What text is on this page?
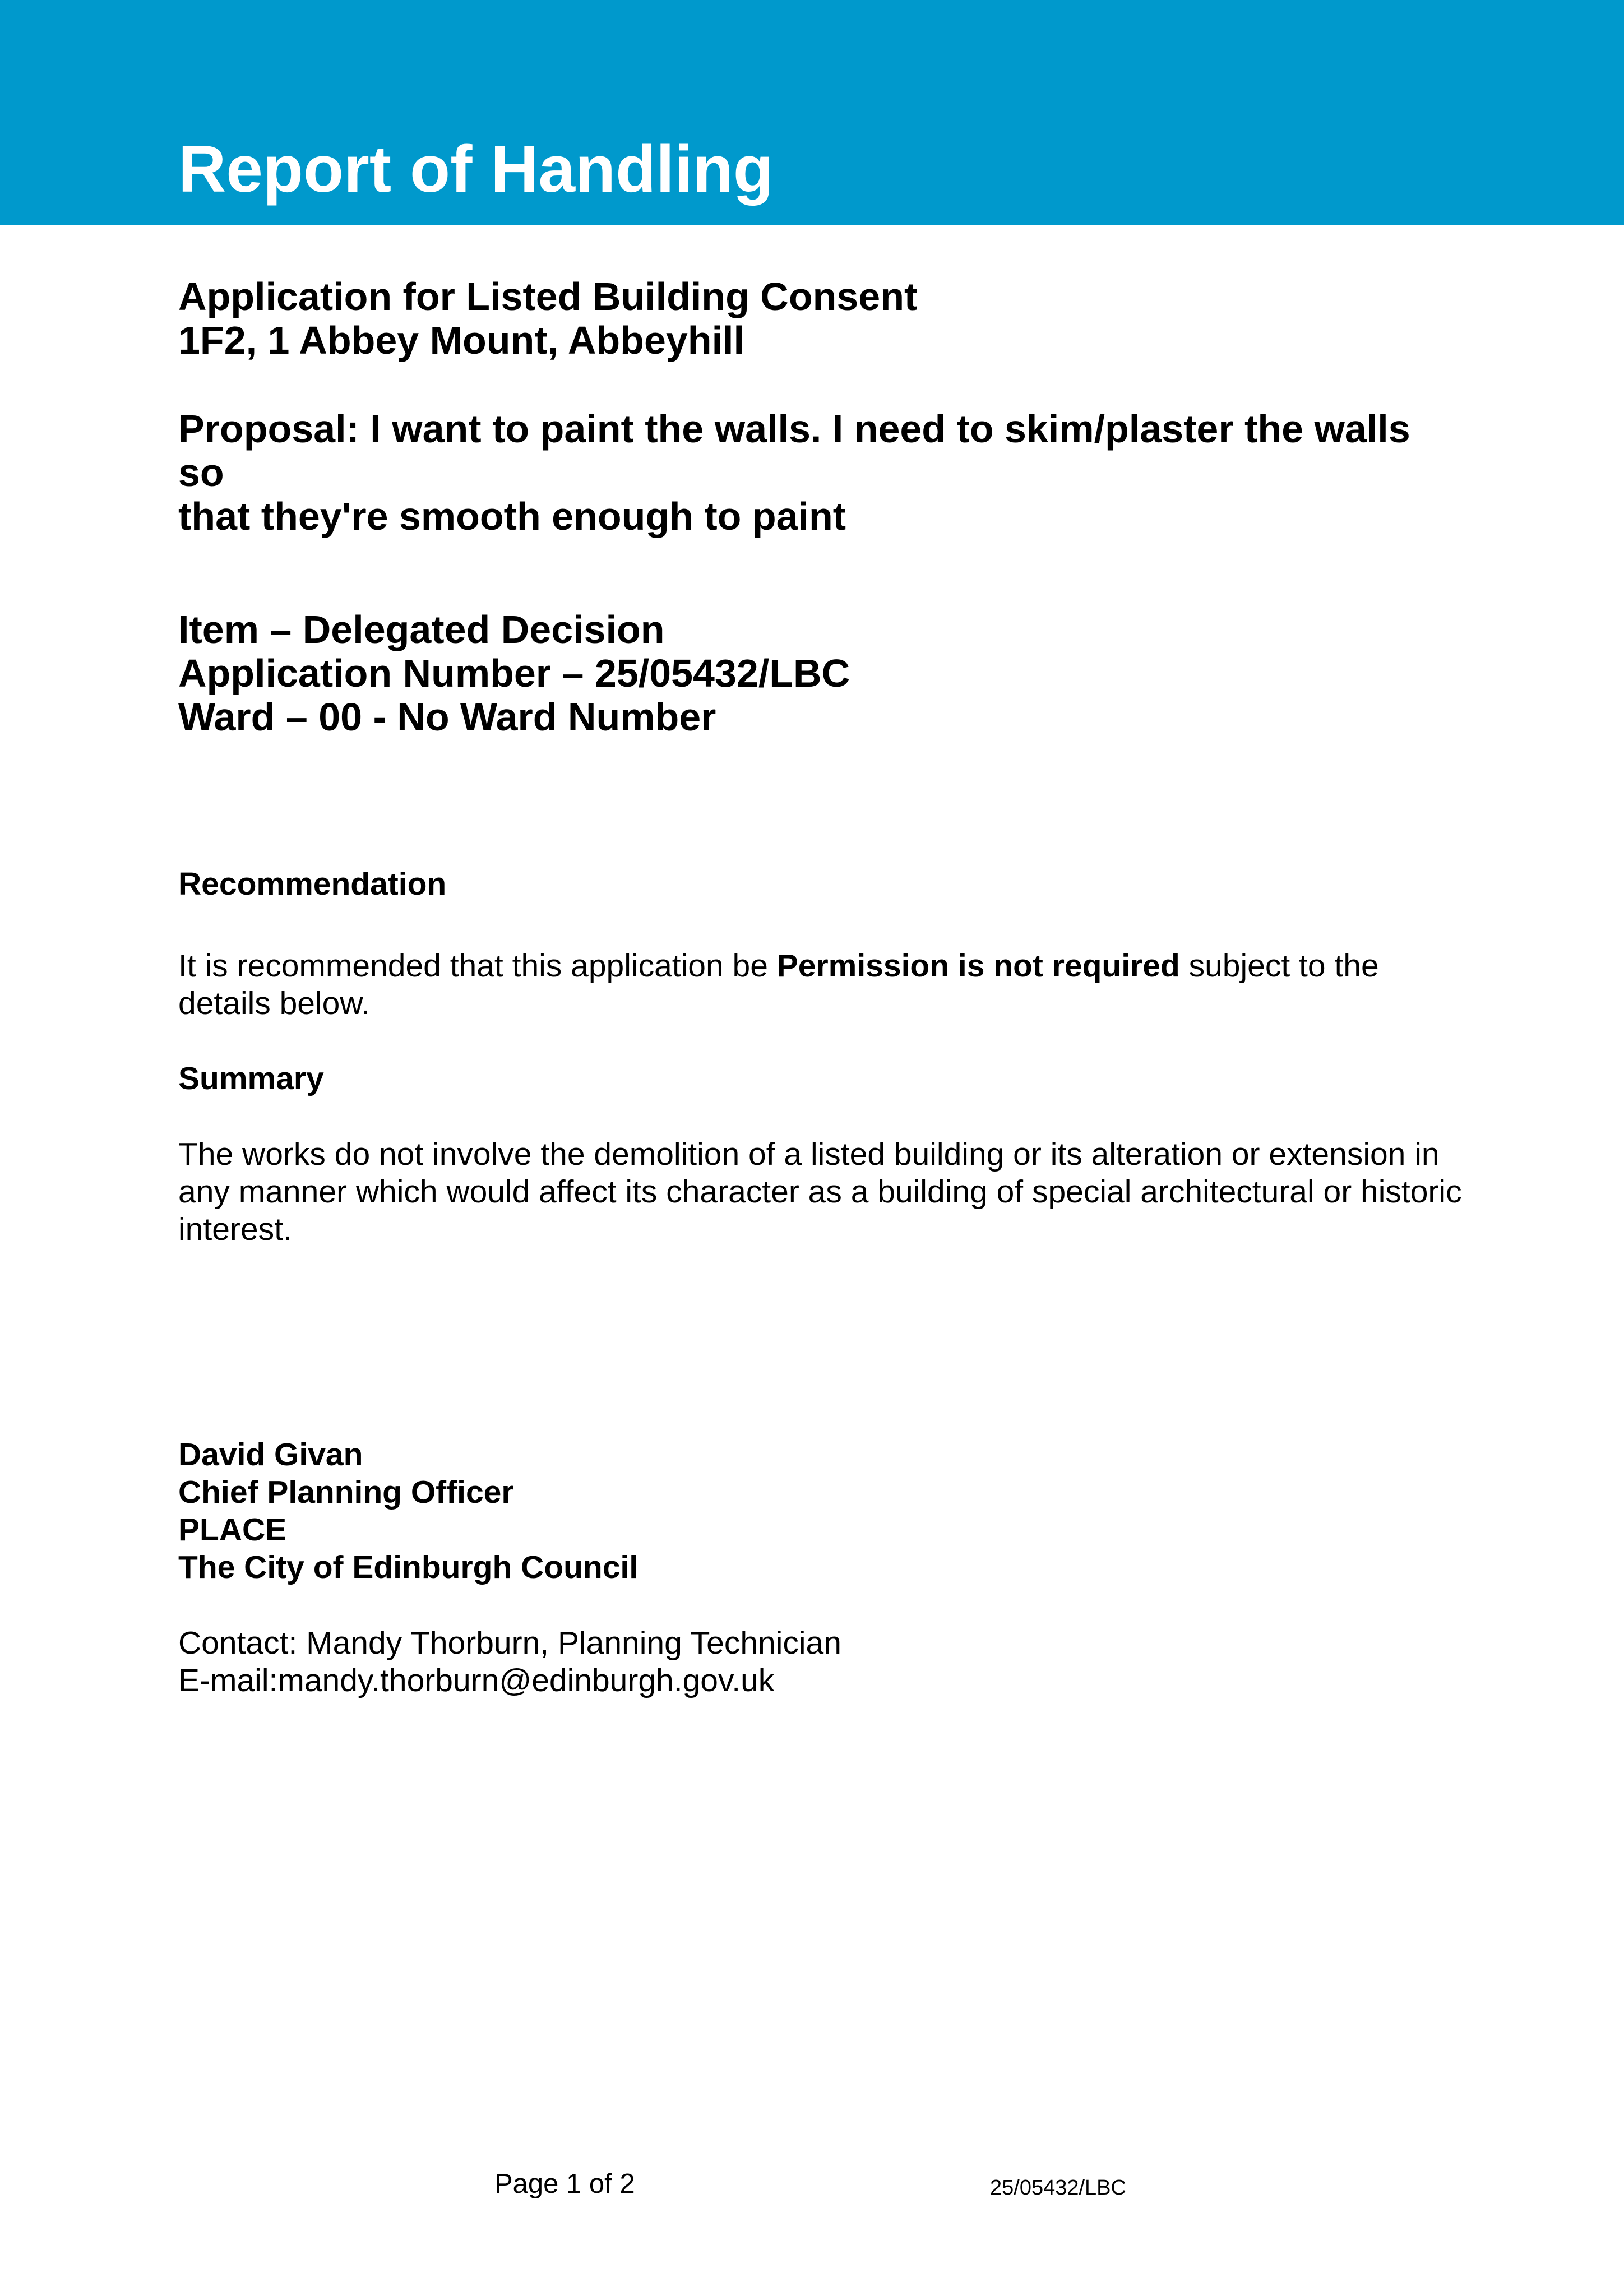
Report of Handling

Application for Listed Building Consent

1F2, 1 Abbey Mount, Abbeyhill

Proposal: I want to paint the walls. I need to skim/plaster the walls so

that they're smooth enough to paint

Item – Delegated Decision

Application Number – 25/05432/LBC

Ward – 00 - No Ward Number

Recommendation

It is recommended that this application be Permission is not required subject to the details below.

Summary

The works do not involve the demolition of a listed building or its alteration or extension in any manner which would affect its character as a building of special architectural or historic interest.

David Givan

Chief Planning Officer

PLACE

The City of Edinburgh Council

Contact: Mandy Thorburn, Planning Technician

E-mail:mandy.thorburn@edinburgh.gov.uk

Page 1 of 2	25/05432/LBC
